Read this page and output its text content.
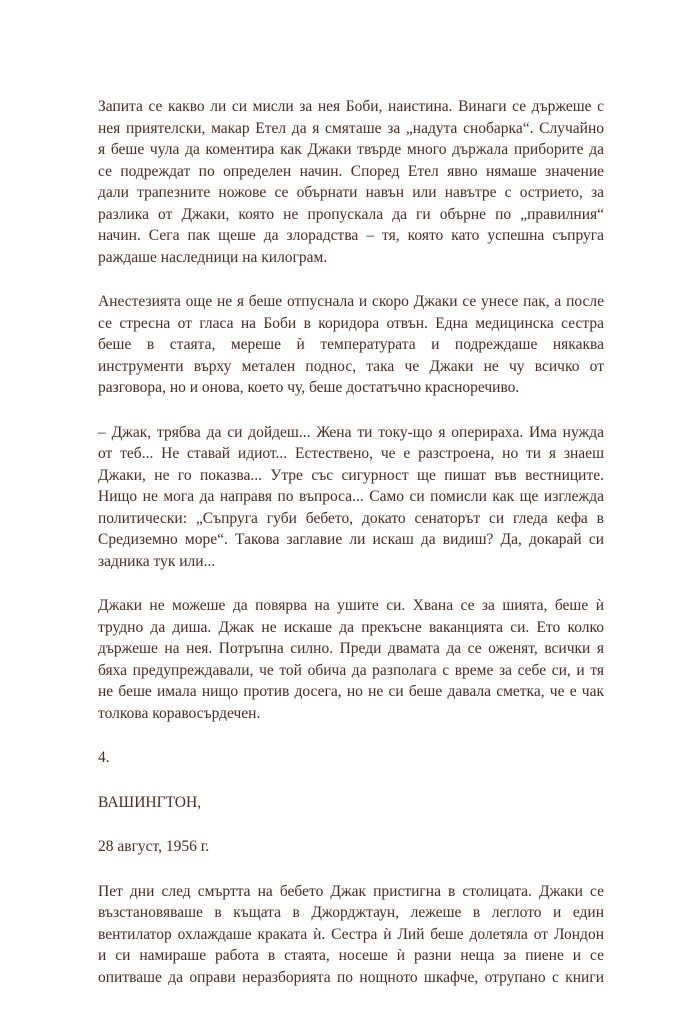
Запита се какво ли си мисли за нея Боби, наистина. Винаги се държеше с
нея приятелски, макар Етел да я смяташе за „надута снобарка“. Случайно
я беше чула да коментира как Джаки твърде много държала приборите да
се подреждат по определен начин. Според Етел явно нямаше значение
дали трапезните ножове се обърнати навън или навътре с острието, за
разлика от Джаки, която не пропускала да ги обърне по „правилния“
начин. Сега пак щеше да злорадства – тя, която като успешна съпруга
раждаше наследници на килограм.
Анестезията още не я беше отпуснала и скоро Джаки се унесе пак, а после
се стресна от гласа на Боби в коридора отвън. Една медицинска сестра
беше в стаята, мереше ѝ температурата и подреждаше някаква
инструменти върху метален поднос, така че Джаки не чу всичко от
разговора, но и онова, което чу, беше достатъчно красноречиво.
– Джак, трябва да си дойдеш... Жена ти току-що я оперираха. Има нужда
от теб... Не ставай идиот... Естествено, че е разстроена, но ти я знаеш
Джаки, не го показва... Утре със сигурност ще пишат във вестниците.
Нищо не мога да направя по въпроса... Само си помисли как ще изглежда
политически: „Съпруга губи бебето, докато сенаторът си гледа кефа в
Средиземно море“. Такова заглавие ли искаш да видиш? Да, докарай си
задника тук или...
Джаки не можеше да повярва на ушите си. Хвана се за шията, беше ѝ
трудно да диша. Джак не искаше да прекъсне ваканцията си. Ето колко
държеше на нея. Потръпна силно. Преди двамата да се оженят, всички я
бяха предупреждавали, че той обича да разполага с време за себе си, и тя
не беше имала нищо против досега, но не си беше давала сметка, че е чак
толкова коравосърдечен.
4.
ВАШИНГТОН,
28 август, 1956 г.
Пет дни след смъртта на бебето Джак пристигна в столицата. Джаки се
възстановяваше в къщата в Джорджтаун, лежеше в леглото и един
вентилатор охлаждаше краката ѝ. Сестра ѝ Лий беше долетяла от Лондон
и си намираше работа в стаята, носеше ѝ разни неща за пиене и се
опитваше да оправи неразборията по нощното шкафче, отрупано с книги
